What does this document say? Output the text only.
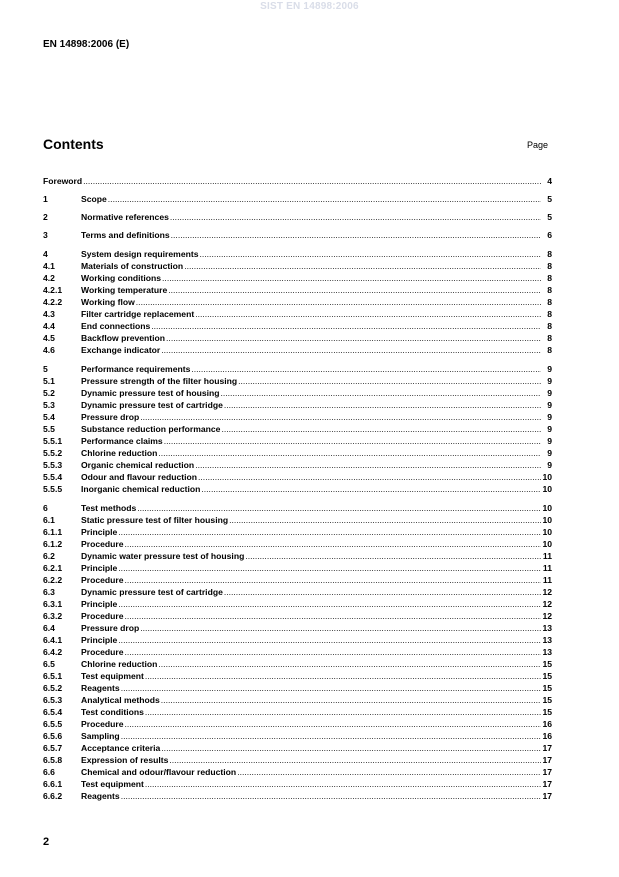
SIST EN 14898:2006
EN 14898:2006 (E)
Contents	Page
Foreword .....	4
1	Scope .....	5
2	Normative references .....	5
3	Terms and definitions .....	6
4	System design requirements .....	8
4.1	Materials of construction .....	8
4.2	Working conditions .....	8
4.2.1	Working temperature .....	8
4.2.2	Working flow .....	8
4.3	Filter cartridge replacement .....	8
4.4	End connections .....	8
4.5	Backflow prevention .....	8
4.6	Exchange indicator .....	8
5	Performance requirements .....	9
5.1	Pressure strength of the filter housing .....	9
5.2	Dynamic pressure test of housing .....	9
5.3	Dynamic pressure test of cartridge .....	9
5.4	Pressure drop .....	9
5.5	Substance reduction performance .....	9
5.5.1	Performance claims .....	9
5.5.2	Chlorine reduction .....	9
5.5.3	Organic chemical reduction .....	9
5.5.4	Odour and flavour reduction .....	10
5.5.5	Inorganic chemical reduction .....	10
6	Test methods .....	10
6.1	Static pressure test of filter housing .....	10
6.1.1	Principle .....	10
6.1.2	Procedure .....	10
6.2	Dynamic water pressure test of housing .....	11
6.2.1	Principle .....	11
6.2.2	Procedure .....	11
6.3	Dynamic pressure test of cartridge .....	12
6.3.1	Principle .....	12
6.3.2	Procedure .....	12
6.4	Pressure drop .....	13
6.4.1	Principle .....	13
6.4.2	Procedure .....	13
6.5	Chlorine reduction .....	15
6.5.1	Test equipment .....	15
6.5.2	Reagents .....	15
6.5.3	Analytical methods .....	15
6.5.4	Test conditions .....	15
6.5.5	Procedure .....	16
6.5.6	Sampling .....	16
6.5.7	Acceptance criteria .....	17
6.5.8	Expression of results .....	17
6.6	Chemical and odour/flavour reduction .....	17
6.6.1	Test equipment .....	17
6.6.2	Reagents .....	17
2
